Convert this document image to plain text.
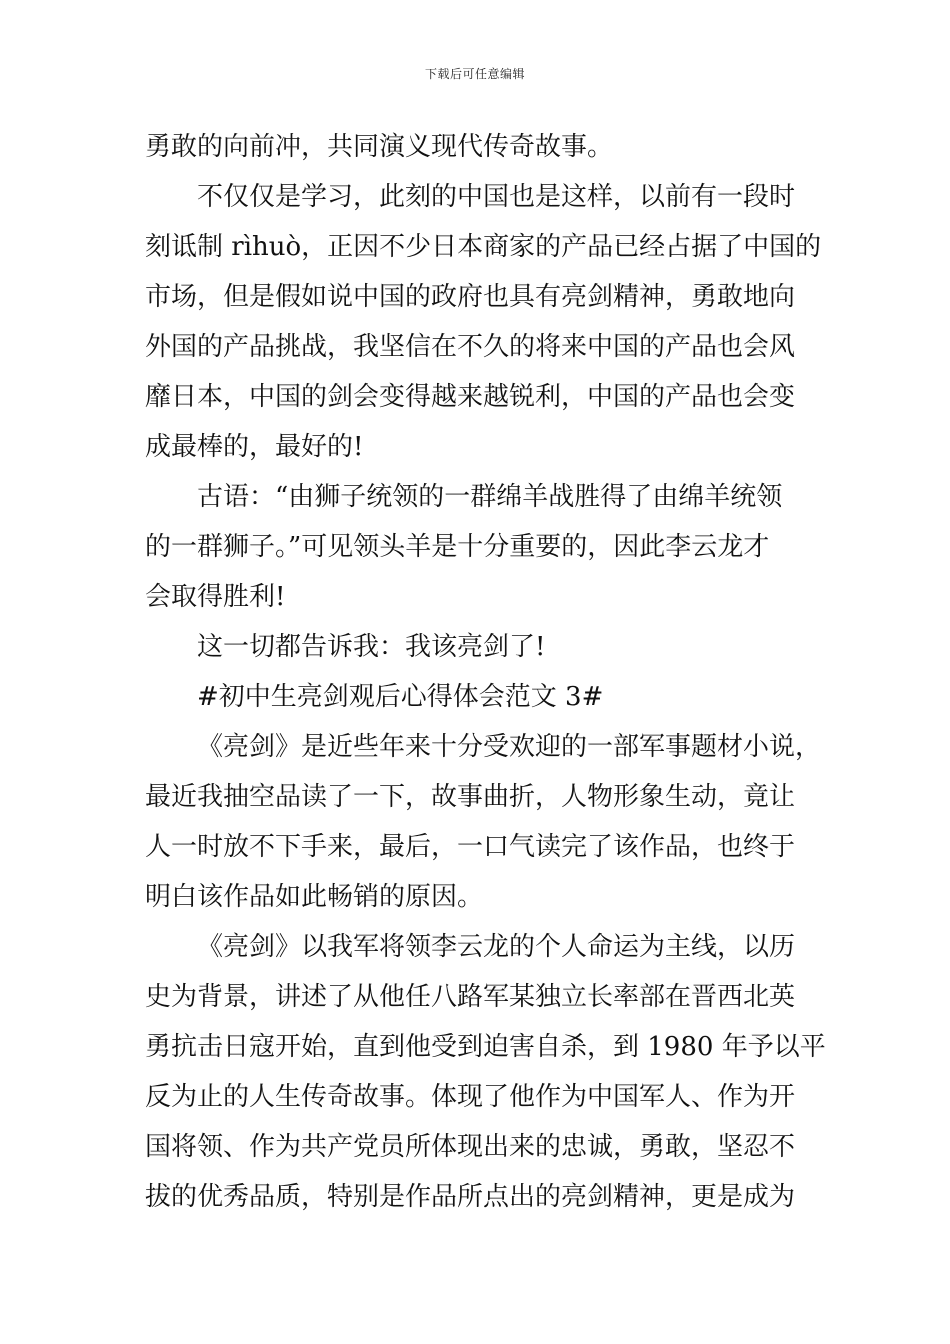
下载后可任意编辑
勇敢的向前冲，共同演义现代传奇故事。
不仅仅是学习，此刻的中国也是这样，以前有一段时
刻诋制 rìhuò，正因不少日本商家的产品已经占据了中国的
市场，但是假如说中国的政府也具有亮剑精神，勇敢地向
外国的产品挑战，我坚信在不久的将来中国的产品也会风
靡日本，中国的剑会变得越来越锐利，中国的产品也会变
成最棒的，最好的!
古语：“由狮子统领的一群绵羊战胜得了由绵羊统领
的一群狮子。”可见领头羊是十分重要的，因此李云龙才
会取得胜利!
这一切都告诉我：我该亮剑了!
#初中生亮剑观后心得体会范文 3#
《亮剑》是近些年来十分受欢迎的一部军事题材小说，
最近我抽空品读了一下，故事曲折，人物形象生动，竟让
人一时放不下手来，最后，一口气读完了该作品，也终于
明白该作品如此畅销的原因。
《亮剑》以我军将领李云龙的个人命运为主线，以历
史为背景，讲述了从他任八路军某独立长率部在晋西北英
勇抗击日寇开始，直到他受到迫害自杀，到 1980 年予以平
反为止的人生传奇故事。体现了他作为中国军人、作为开
国将领、作为共产党员所体现出来的忠诚，勇敢，坚忍不
拔的优秀品质，特别是作品所点出的亮剑精神，更是成为
